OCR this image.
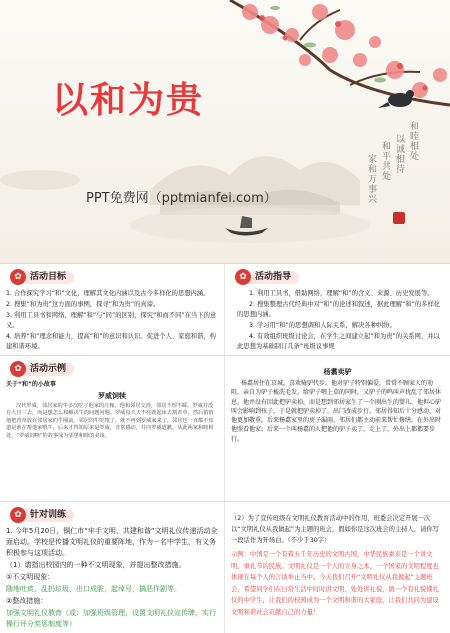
以和为贵
PPT免费网（pptmianfei.com）
和睦相处
以诚相待
和平共处
家和万事兴
活动目标
✿

1. 合作探究学习“和”文化，理解其文化内涵以及古今多样化的思想内涵。

2. 搜集“和为贵”这方面的事例，探寻“和为贵”的真谛。

3. 利用工具书和网络，理解“和”与“同”的区别，探究“和而不同”在当下的意义。

4. 培养“和”理念和能力，提高“和”的意识和认识。促进个人、家庭和谐，构建和谐环境。

活动指导
✿

1. 利用工具书，借助网络，理解“和”的含义、来源、历史发展等。

2. 搜集整理古代经典中对“和”的论述和叙述，据此理解“和”的多样化的思想内涵。

3. 学习用“和”的思想调和人际关系，解决各种纠纷。

4. 有效组织班级讨论会，在学生之间建立起“和为贵”的关系网，并以此思想为基础制订几条“班级议事规

活动示例
✿
关于“和”的小故事
罗威饲犊
汉代罗威，邻居家的牛多次吃了他家的庄稼，他和邻居交涉，邻居不理不睬。罗威并没有大官三去，而是想怎么和解决牛的问题问题。罗威每天天不亮就起床去割青草，然后悄悄地把青草放在邻居家的牛圈前。邻居的牛吃饱了，就不再到罗威家来了。邻居也一直都不知道是谁在帮他家喂牛，后来才得知原来是罗威，非常感动，并向罗威道歉。从此两家和睦相处，“罗威饲犊”的故事成为邻里和睦的美谈。
杨翥卖驴
杨翥居住在京城，喜欢骑驴代步。他对驴子特别偏爱，常常不顾家人的劝阻，亲自为驴子梳洗毛发。给驴子喂上草的同时，又驴子的鸣叫声扰乱了邻居休息。他并没有因此把驴卖掉，而是想到邻居家生了一个刚出生的婴儿，他担心驴叫会影响到孩子，于是就把驴卖掉了，出门改成步行。邻居得知后十分感动，对他更加敬重。后来杨翥家里的房子漏雨，邻居们都主动前来帮忙修缮。在外出时他照看他家，后来一个叫杨翥的人把他的驴子卖了，走上了，外出上都都要步行。
针对训练
✿
1. 今年5月20日，铜仁市“牢手文明、共建和谐”文明礼仪传递活动全面启动。学校是传播文明礼仪的重要阵地，作为一名中学生，有义务积极参与这项活动。
（1）请指出校园内的一种不文明现象，并提出整改措施。
①不文明现象：
随地吐痰，乱扔垃圾，出口成脏，起绰号，搞恶作剧等。
②整改措施：
加强文明礼仪教育（或：加强班级管理，设置文明礼仪宣传牌，实行操行评分奖惩制度等）
（2）为了宣传班级在文明礼仪教育活动中的作用，班委会决定开展一次以“文明礼仪从我做起”为主题的班会，假如你是这次班会的主持人，请你写一段话作为开场白。（不少于30字）
示例：中国是一个有着五千年历史的文明古国，中华民族素来是一个讲文明、重礼节的民族。文明礼仪是一个人的立身之本，一个国家的文明程度也体现在每个人的言谈举止当中。今天我们召开“文明礼仪从我做起”主题班会，希望同学们在日常生活中时时讲文明、处处讲礼貌，做一个有礼貌懂礼仪的中学生，让我们的校园成为一个文明和谐的大家庭，让我们共同为建设文明和谐社会贡献自己的力量！
